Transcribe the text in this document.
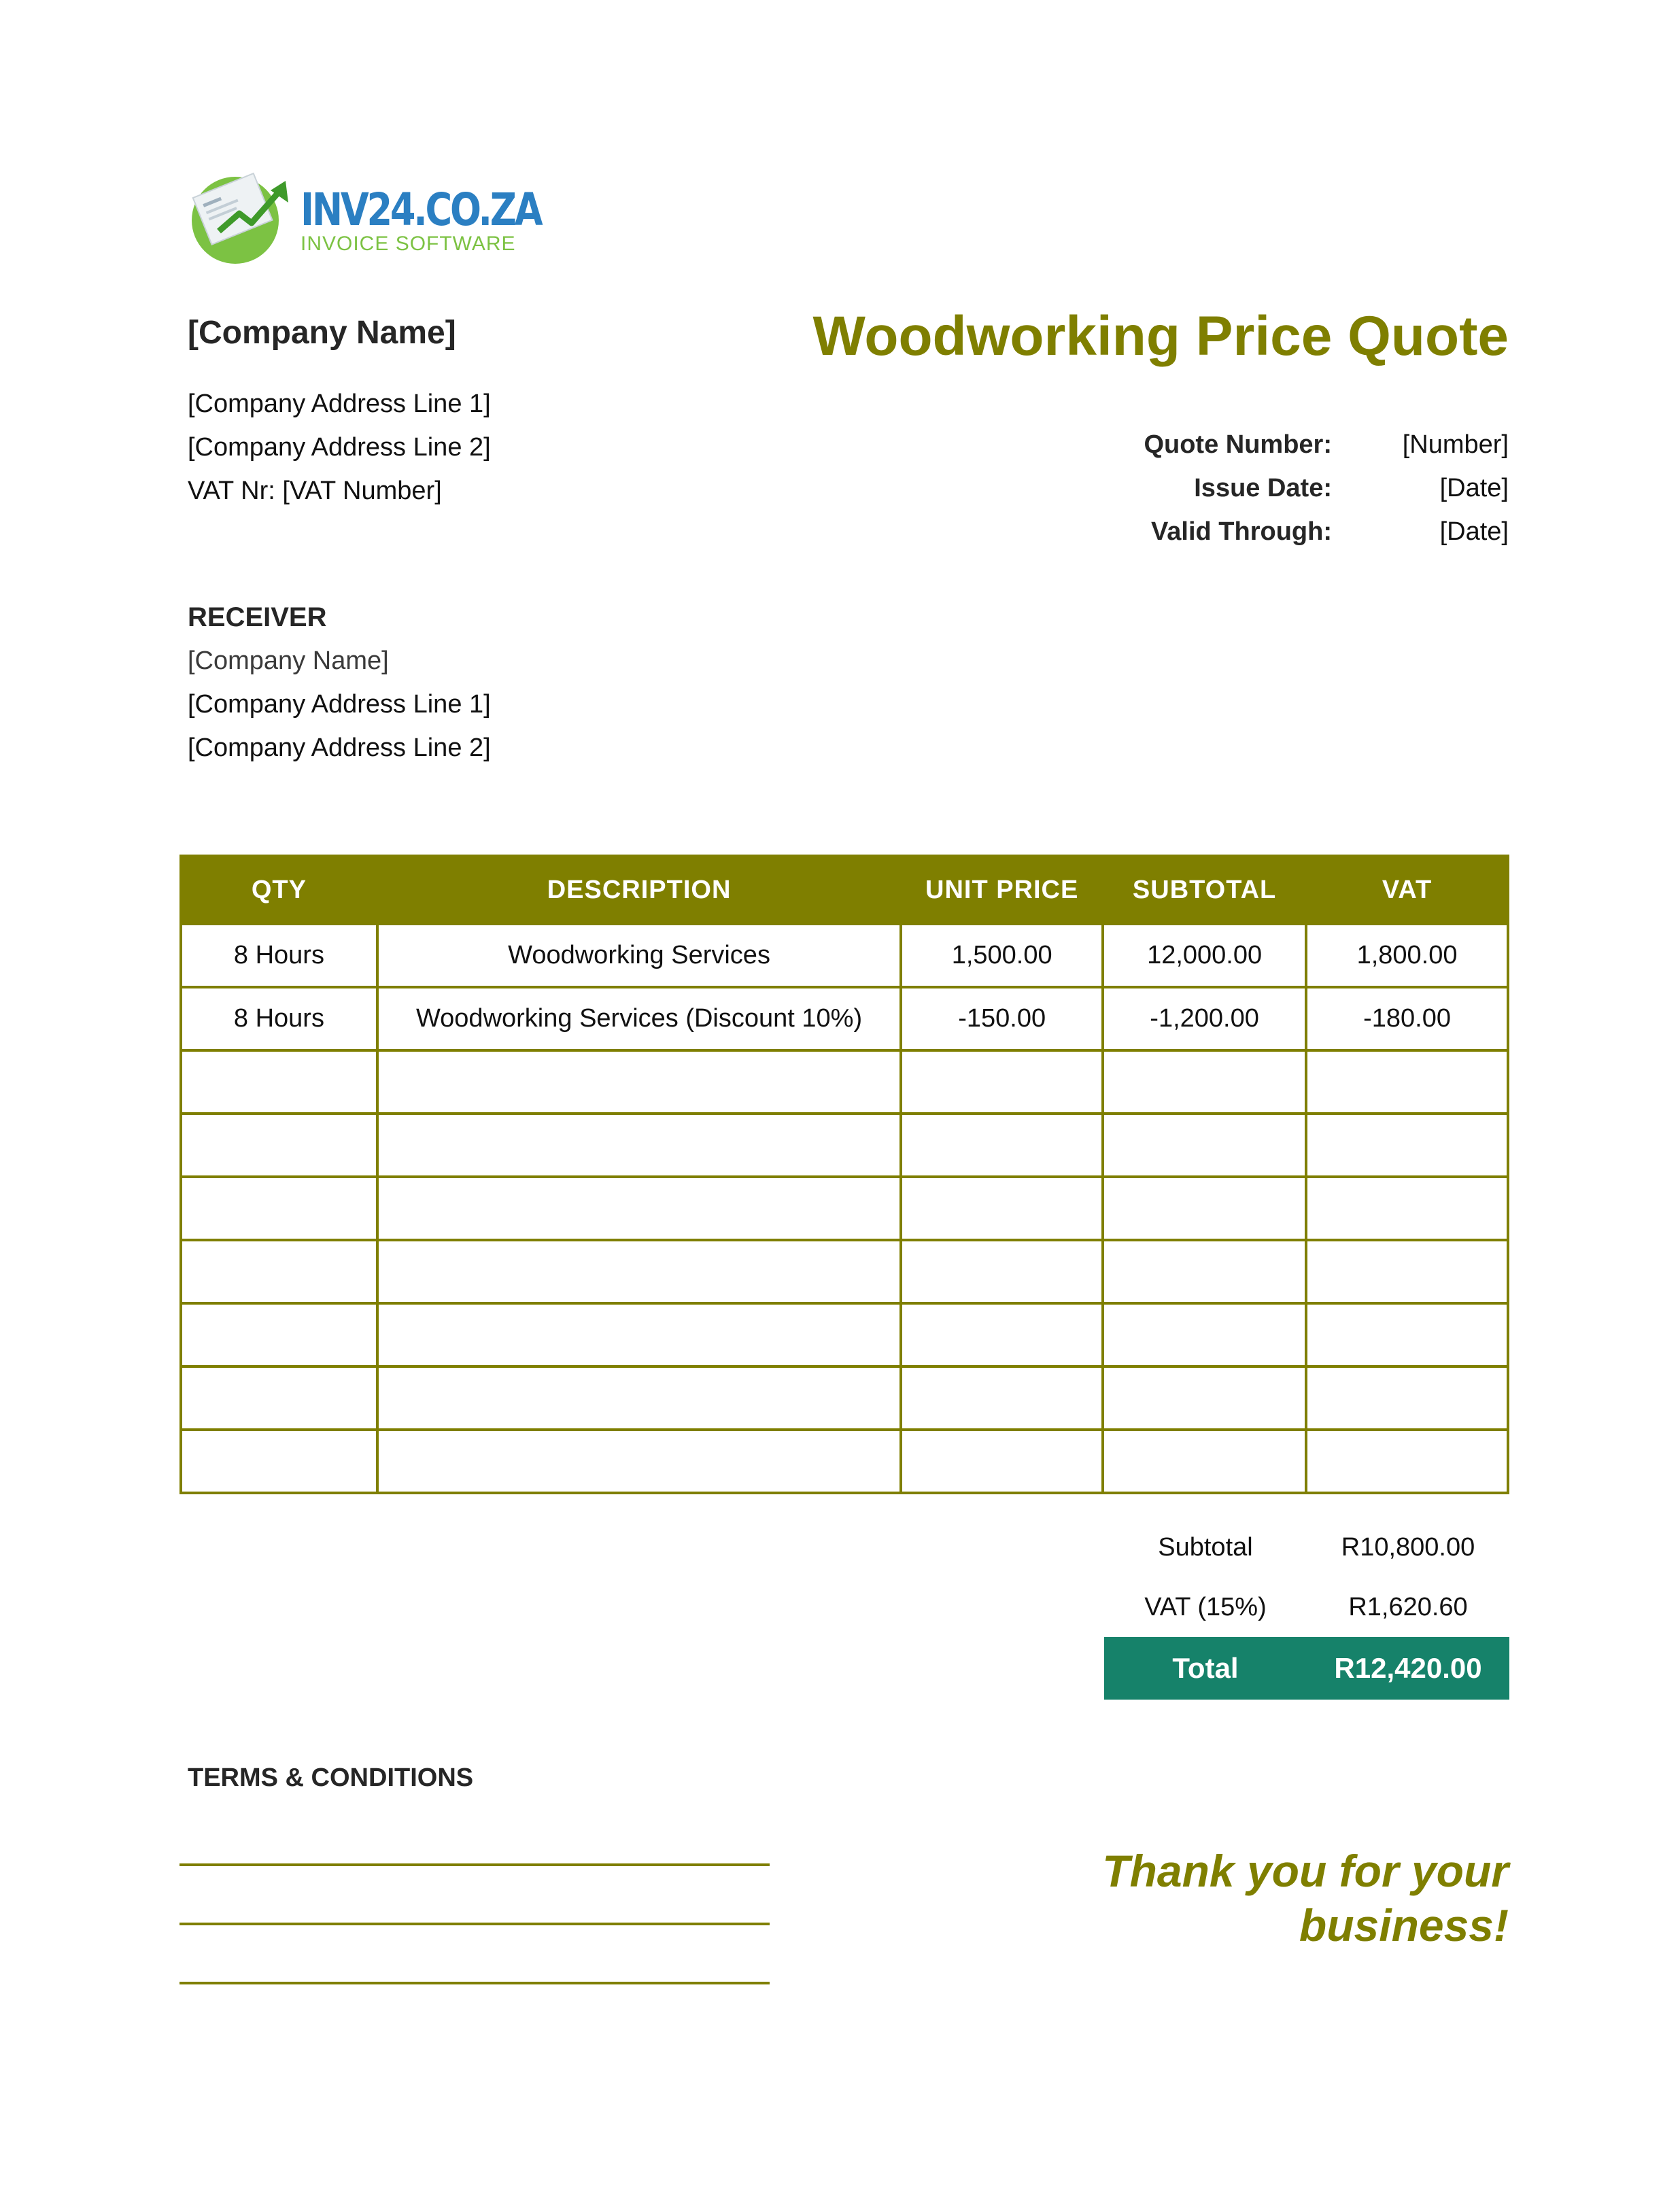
INV24.CO.ZA
INVOICE SOFTWARE
[Company Name]
[Company Address Line 1]
[Company Address Line 2]
VAT Nr: [VAT Number]
Woodworking Price Quote
Quote Number:	[Number]
Issue Date:	[Date]
Valid Through:	[Date]
RECEIVER
[Company Name]
[Company Address Line 1]
[Company Address Line 2]
QTY	DESCRIPTION	UNIT PRICE	SUBTOTAL	VAT
8 Hours	Woodworking Services	1,500.00	12,000.00	1,800.00
8 Hours	Woodworking Services (Discount 10%)	-150.00	-1,200.00	-180.00

Subtotal	R10,800.00
VAT (15%)	R1,620.60
Total	R12,420.00
TERMS & CONDITIONS
Thank you for your
business!
